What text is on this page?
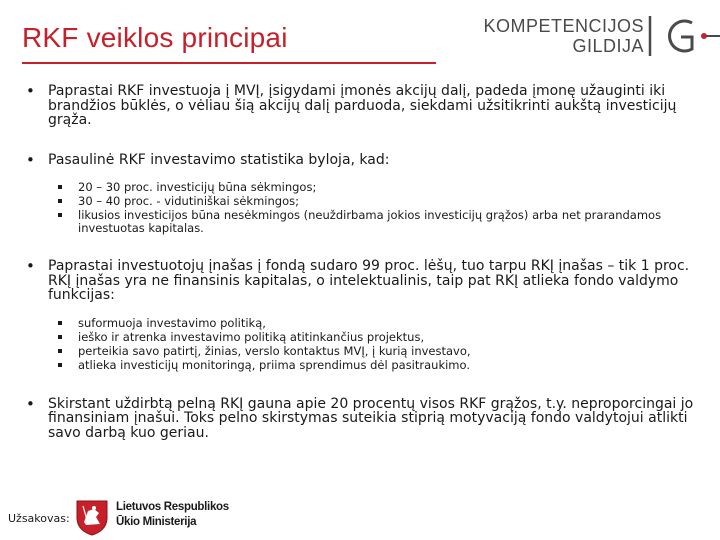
RKF veiklos principai	KOMPETENCIJOS
GILDIJA
• Paprastai RKF investuoja į MVĮ, įsigydami įmonės akcijų dalį, padeda įmonę užauginti iki brandžios būklės, o vėliau šią akcijų dalį parduoda, siekdami užsitikrinti aukštą investicijų grąža.
• Pasaulinė RKF investavimo statistika byloja, kad:
20 – 30 proc. investicijų būna sėkmingos;
30 – 40 proc. - vidutiniškai sėkmingos;
likusios investicijos būna nesėkmingos (neuždirbama jokios investicijų grąžos) arba net prarandamos investuotas kapitalas.
• Paprastai investuotojų įnašas į fondą sudaro 99 proc. lėšų, tuo tarpu RKĮ įnašas – tik 1 proc. RKĮ įnašas yra ne finansinis kapitalas, o intelektualinis, taip pat RKĮ atlieka fondo valdymo funkcijas:
suformuoja investavimo politiką,
ieško ir atrenka investavimo politiką atitinkančius projektus,
perteikia savo patirtį, žinias, verslo kontaktus MVĮ, į kurią investavo,
atlieka investicijų monitoringą, priima sprendimus dėl pasitraukimo.
• Skirstant uždirbtą pelną RKĮ gauna apie 20 procentų visos RKF grąžos, t.y. neproporcingai jo finansiniam įnašui. Toks pelno skirstymas suteikia stiprią motyvaciją fondo valdytojui atlikti savo darbą kuo geriau.
Užsakovas:
Lietuvos Respublikos
Ūkio Ministerija
